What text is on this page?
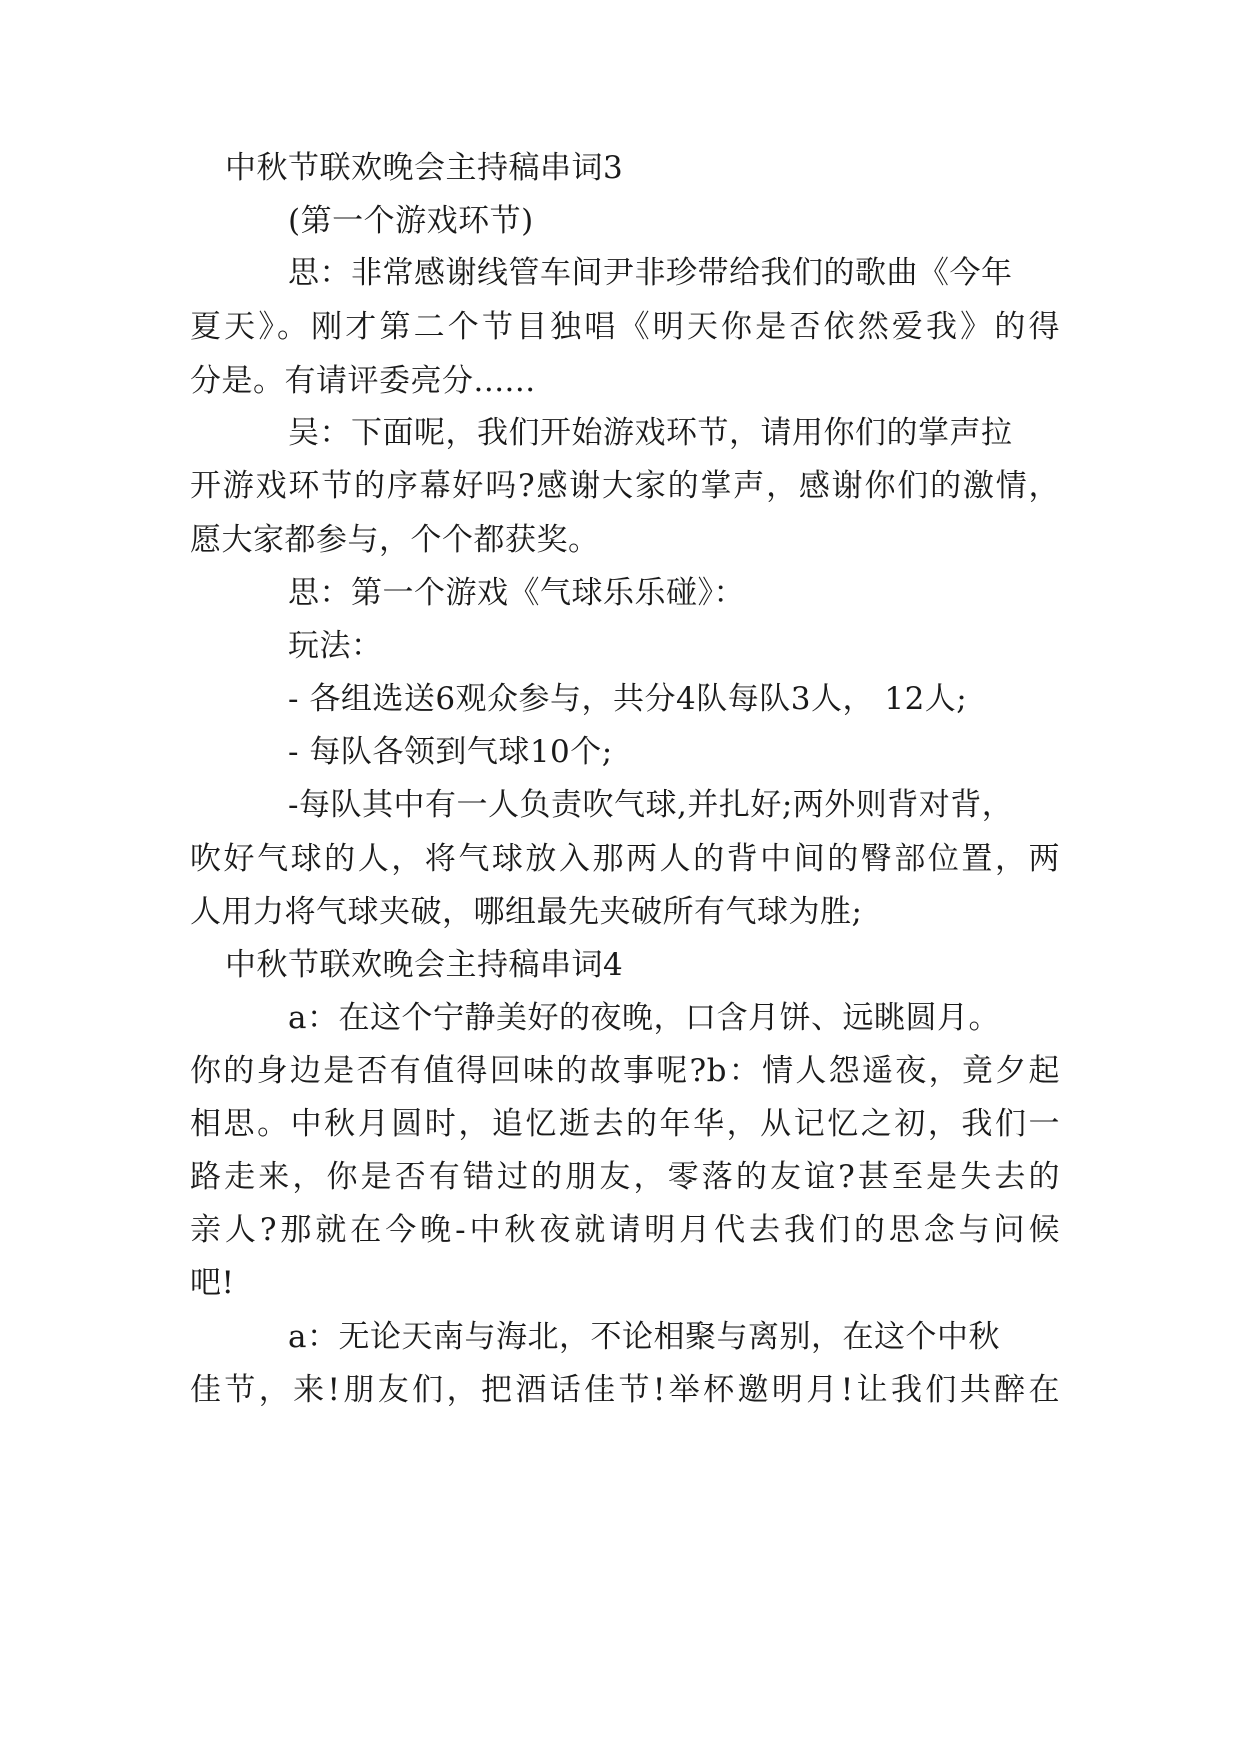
中秋节联欢晚会主持稿串词3
(第一个游戏环节)
思：非常感谢线管车间尹非珍带给我们的歌曲《今年
夏天》。刚才第二个节目独唱《明天你是否依然爱我》的得
分是。有请评委亮分......
吴：下面呢，我们开始游戏环节，请用你们的掌声拉
开游戏环节的序幕好吗?感谢大家的掌声，感谢你们的激情，
愿大家都参与，个个都获奖。
思：第一个游戏《气球乐乐碰》：
玩法：
- 各组选送6观众参与，共分4队每队3人， 12人;
- 每队各领到气球10个;
-每队其中有一人负责吹气球,并扎好;两外则背对背，
吹好气球的人，将气球放入那两人的背中间的臀部位置，两
人用力将气球夹破，哪组最先夹破所有气球为胜;
中秋节联欢晚会主持稿串词4
a：在这个宁静美好的夜晚，口含月饼、远眺圆月。
你的身边是否有值得回味的故事呢?b：情人怨遥夜，竟夕起
相思。中秋月圆时，追忆逝去的年华，从记忆之初，我们一
路走来，你是否有错过的朋友，零落的友谊?甚至是失去的
亲人?那就在今晚-中秋夜就请明月代去我们的思念与问候
吧!
a：无论天南与海北，不论相聚与离别，在这个中秋
佳节，来!朋友们，把酒话佳节!举杯邀明月!让我们共醉在
